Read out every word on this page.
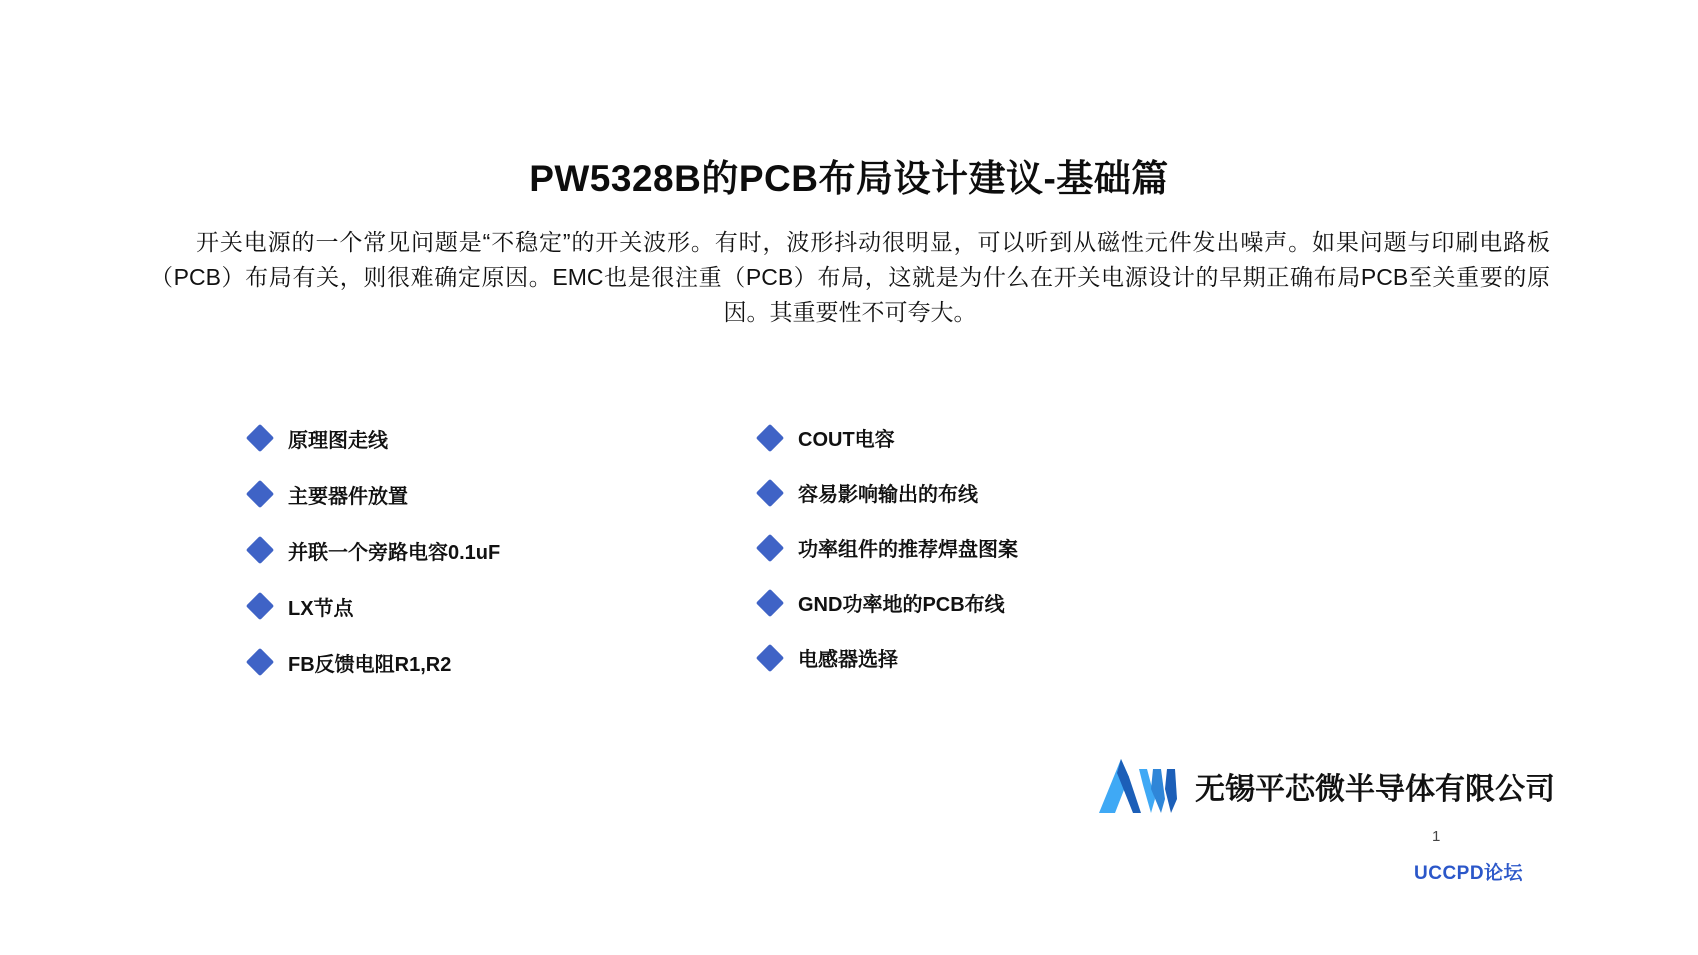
PW5328B的PCB布局设计建议-基础篇

开关电源的一个常见问题是“不稳定”的开关波形。有时，波形抖动很明显，可以听到从磁性元件发出噪声。如果问题与印刷电路板（PCB）布局有关，则很难确定原因。EMC也是很注重（PCB）布局，这就是为什么在开关电源设计的早期正确布局PCB至关重要的原因。其重要性不可夸大。

原理图走线
主要器件放置
并联一个旁路电容0.1uF
LX节点
FB反馈电阻R1,R2
COUT电容
容易影响输出的布线
功率组件的推荐焊盘图案
GND功率地的PCB布线
电感器选择
无锡平芯微半导体有限公司
1
UCCPD论坛
